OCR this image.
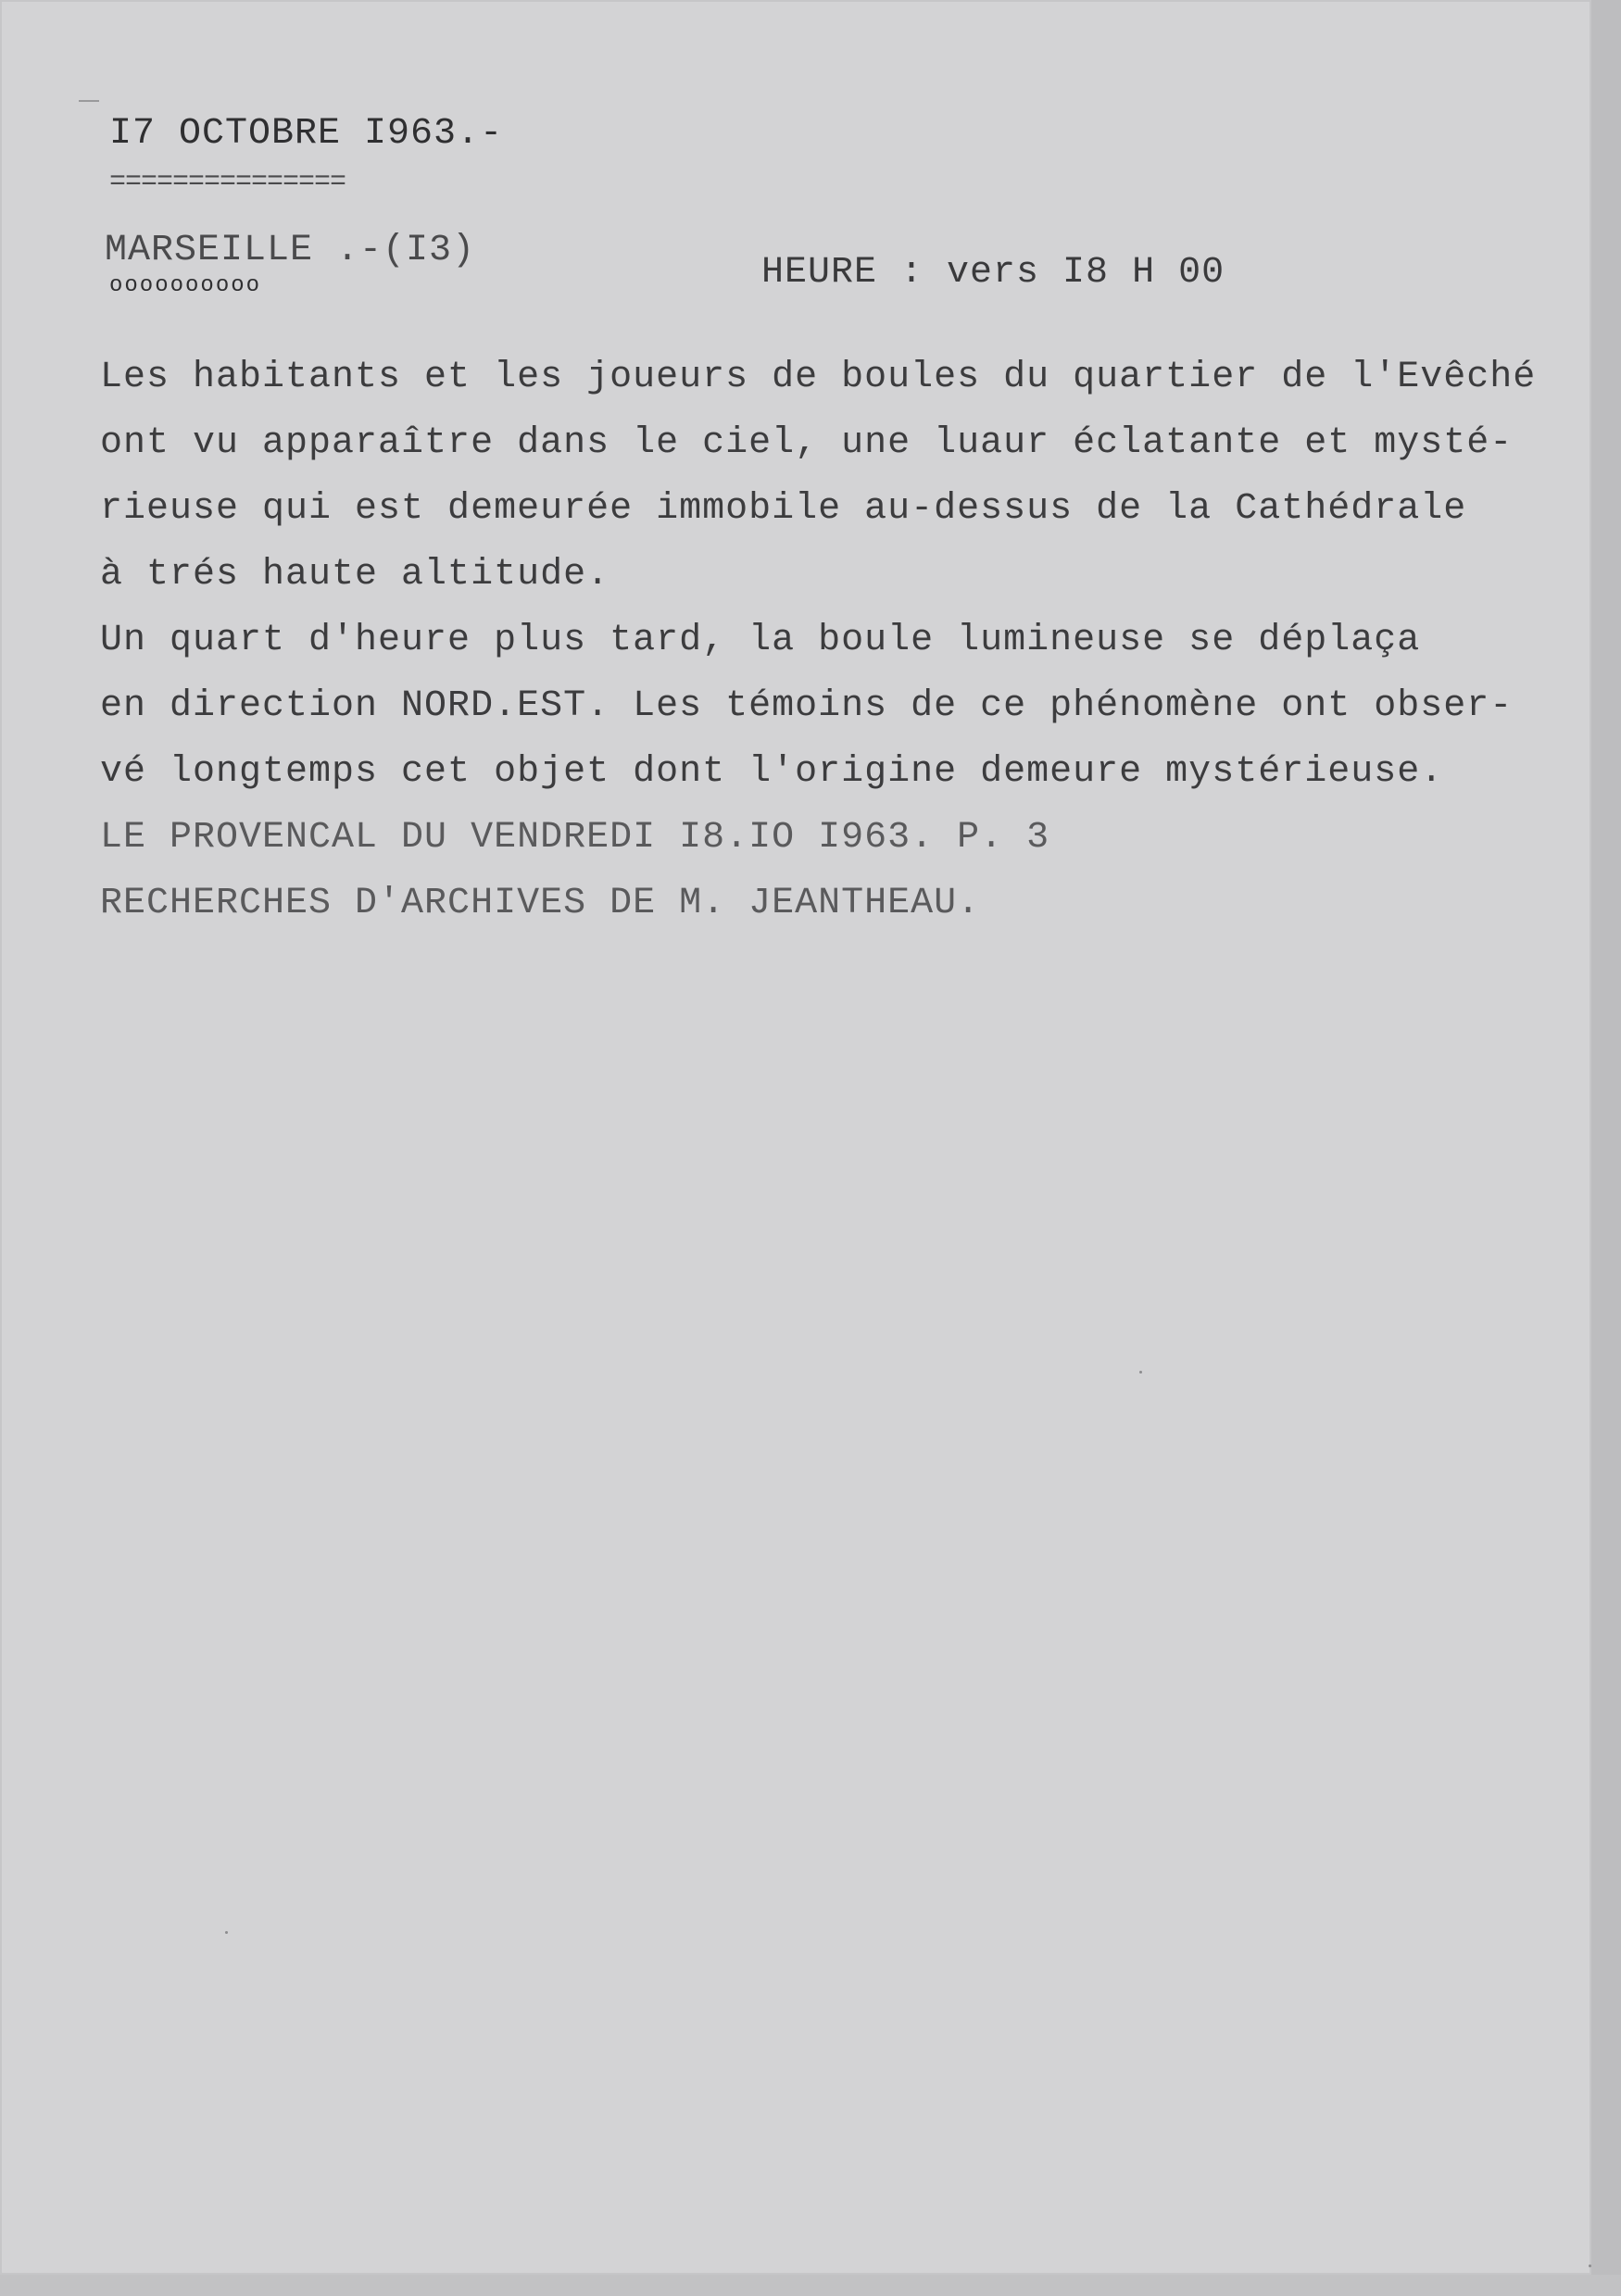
I7 OCTOBRE I963.-
===============
MARSEILLE .-(I3)
oooooooooo	HEURE : vers I8 H 00
Les habitants et les joueurs de boules du quartier de l'Evêché
ont vu apparaître dans le ciel, une luaur éclatante et mysté-
rieuse qui est demeurée immobile au-dessus de la Cathédrale
à trés haute altitude.
Un quart d'heure plus tard, la boule lumineuse se déplaça
en direction NORD.EST. Les témoins de ce phénomène ont obser-
vé longtemps cet objet dont l'origine demeure mystérieuse.
LE PROVENCAL DU VENDREDI I8.IO I963. P. 3
RECHERCHES D'ARCHIVES DE M. JEANTHEAU.
